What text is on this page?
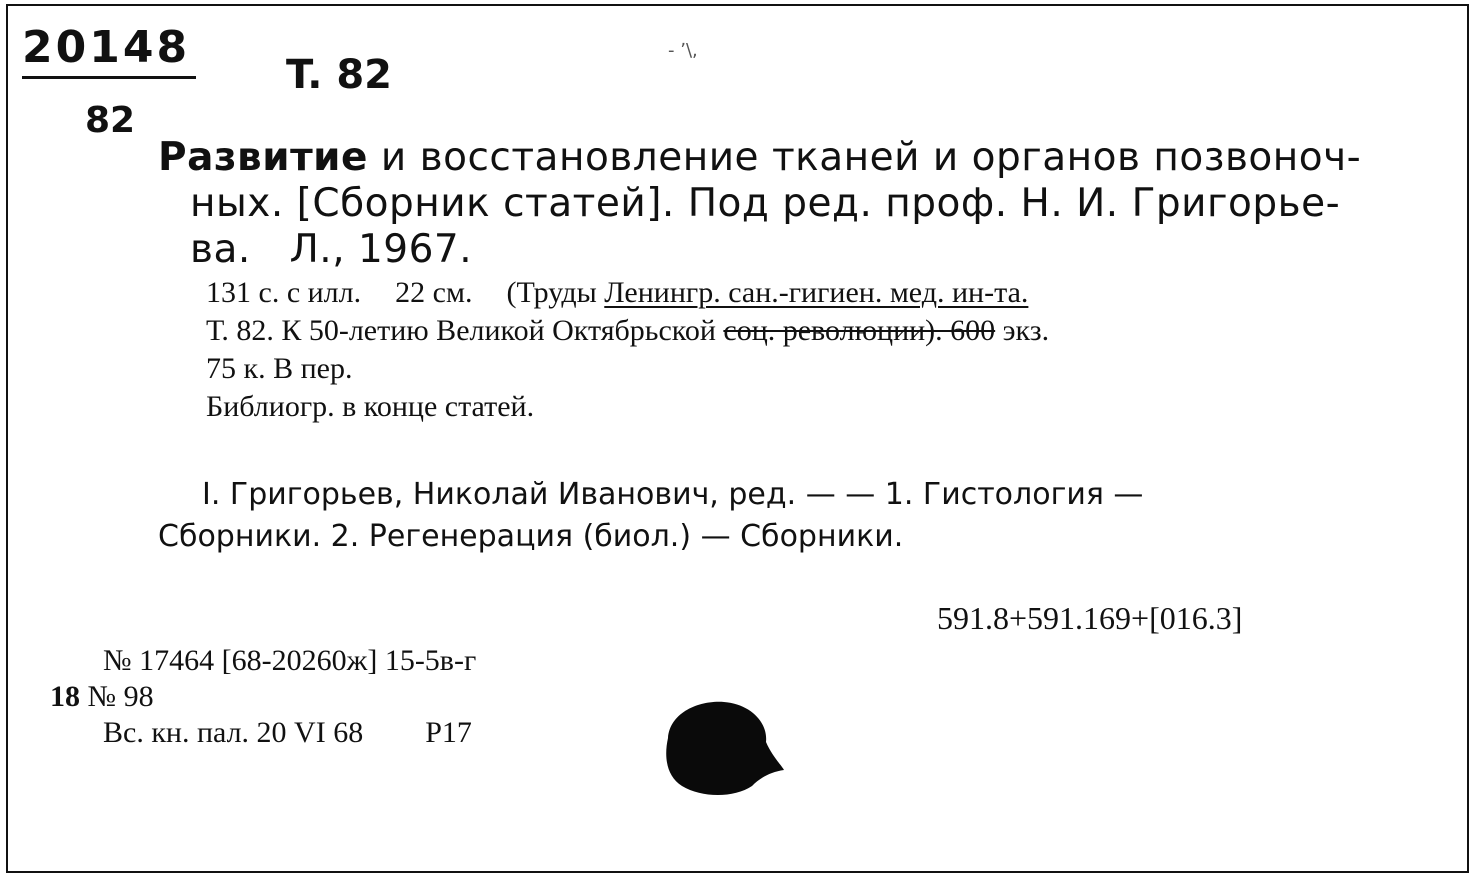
20148
T. 82
82
- ʼ\,
Развитие и восстановление тканей и органов позвоноч-
ных. [Сборник статей]. Под ред. проф. Н. И. Григорье-
ва.   Л., 1967.
131 с. с илл. 22 см. (Труды Ленингр. сан.-гигиен. мед. ин-та.
Т. 82. К 50-летию Великой Октябрьской соц. революции). 600 экз.
75 к. В пер.
Библиогр. в конце статей.
I. Григорьев, Николай Иванович, ред. — — 1. Гистология —
Сборники. 2. Регенерация (биол.) — Сборники.
591.8+591.169+[016.3]
№ 17464 [68-20260ж] 15-5в-г
18 № 98
Вс. кн. пал. 20 VI 68 Р17
